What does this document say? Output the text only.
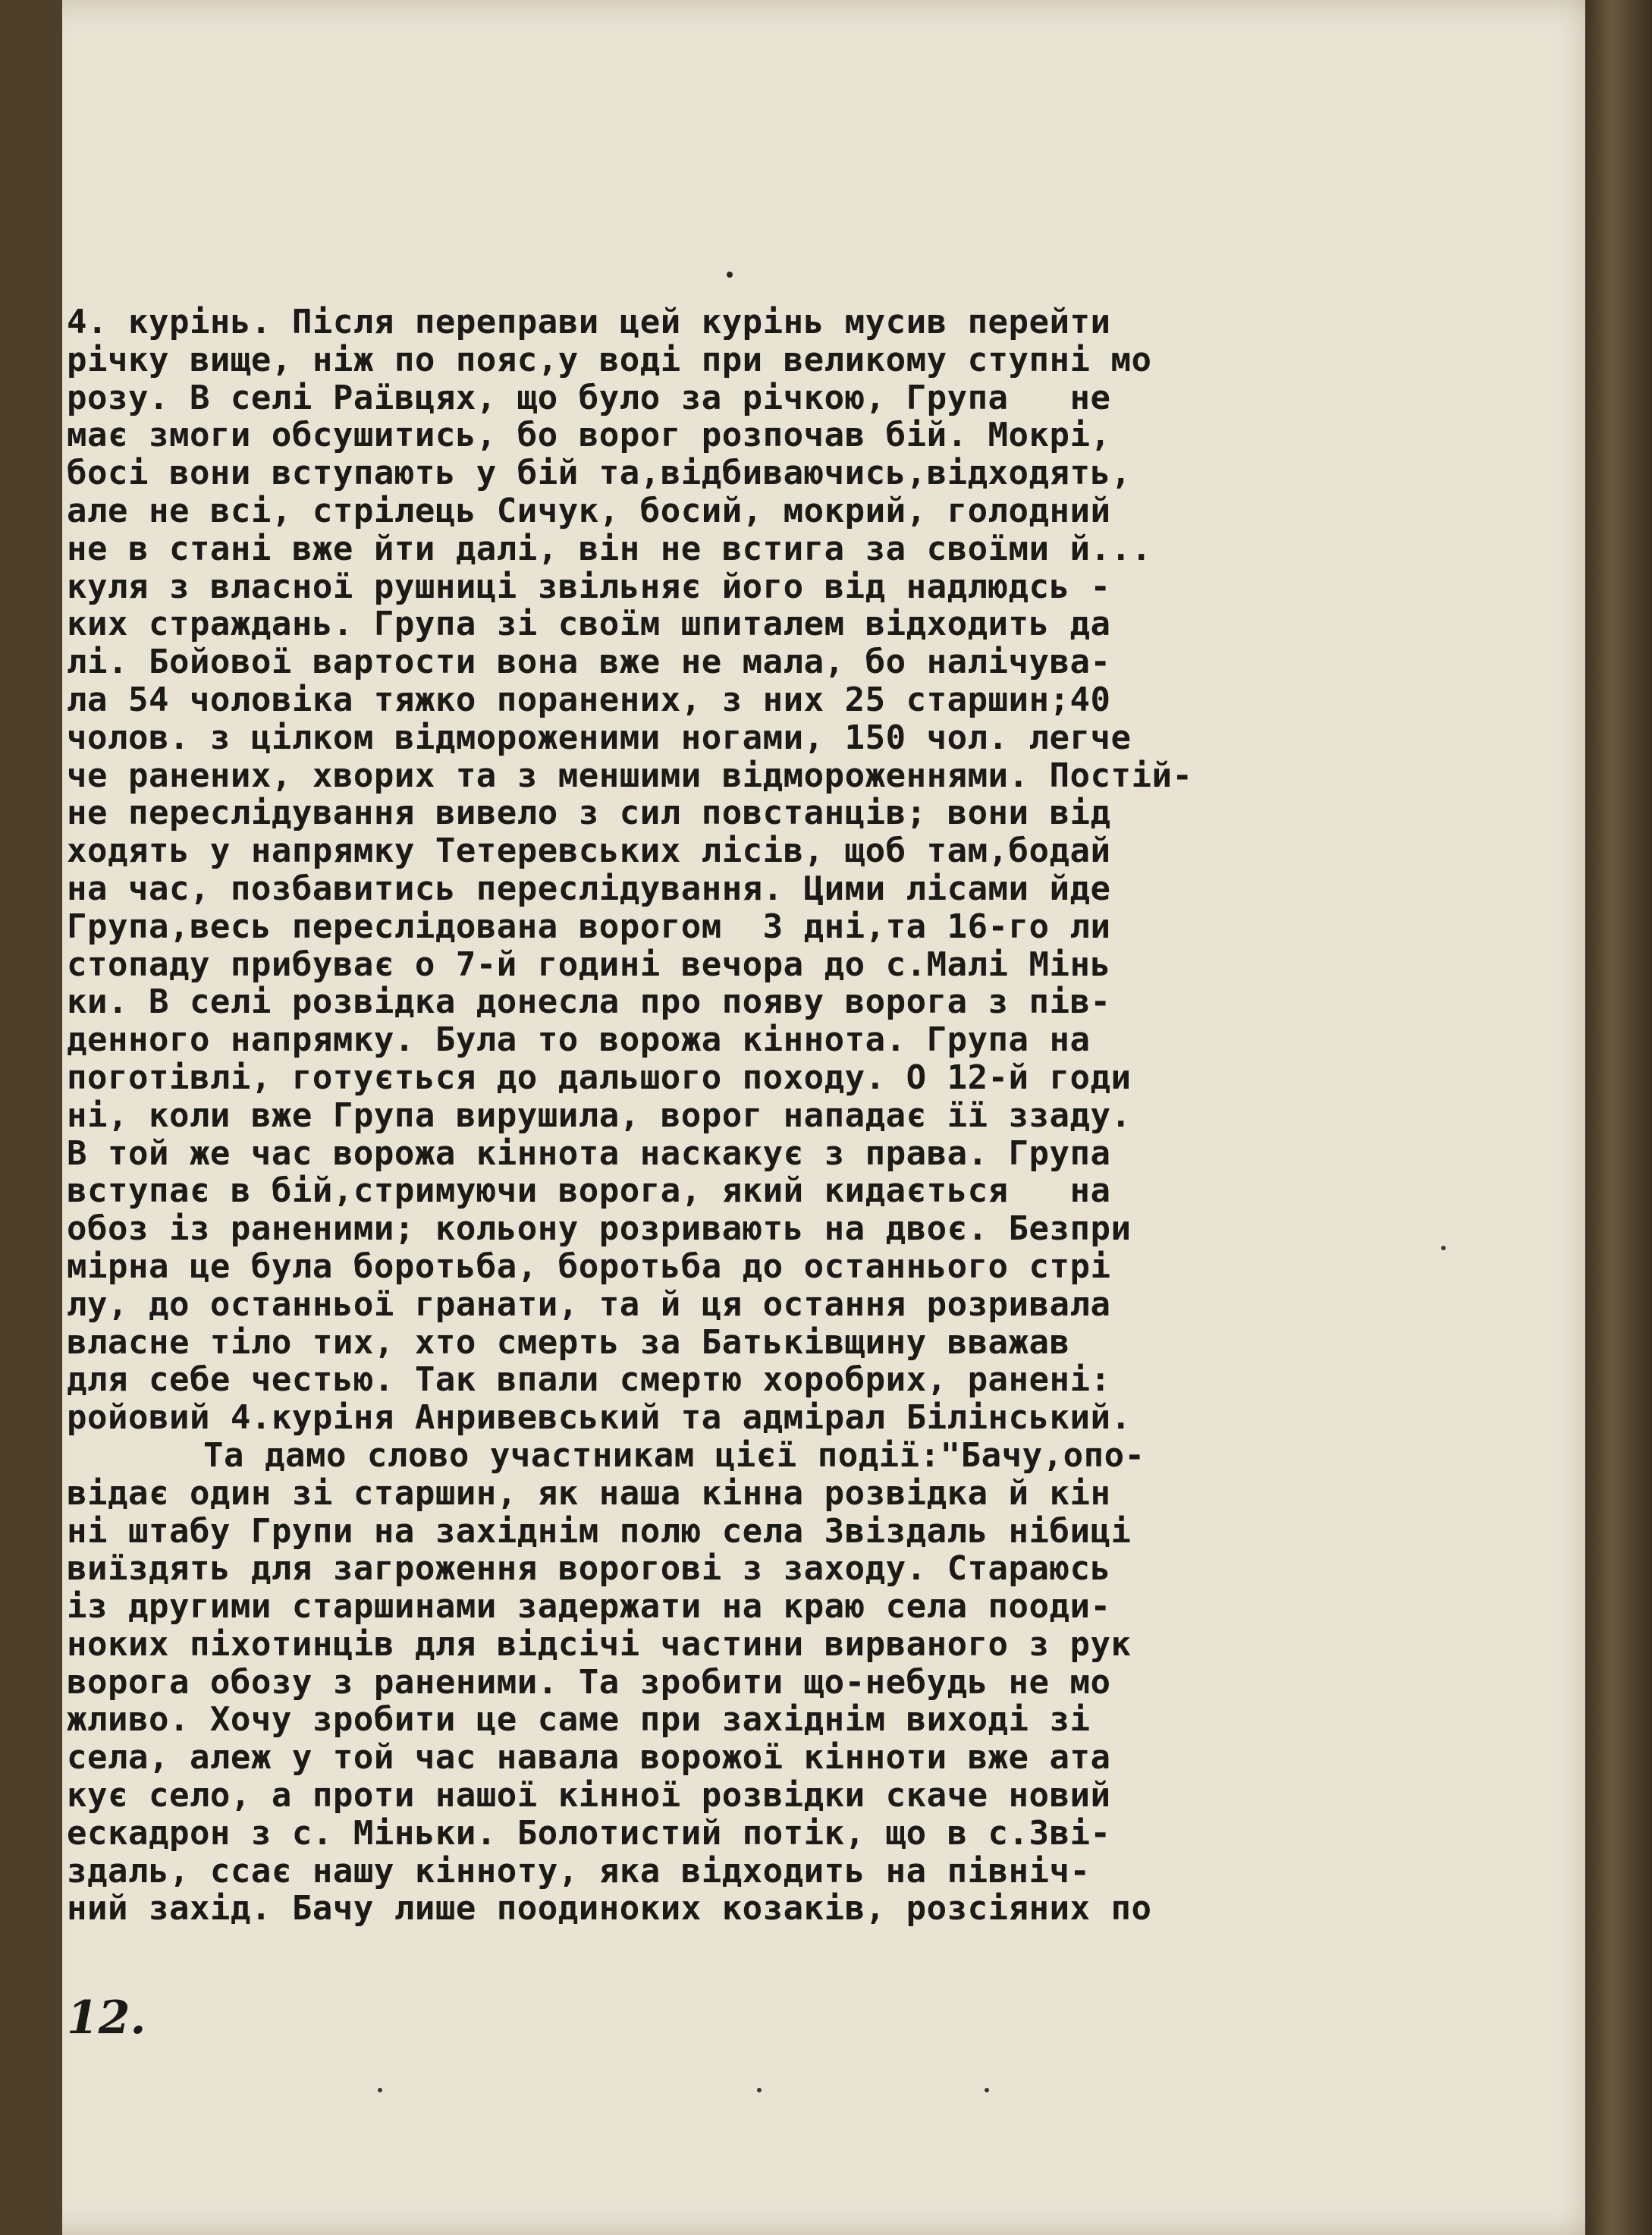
4. курінь. Після переправи цей курінь мусив перейти
річку вище, ніж по пояс,у воді при великому ступні мо
розу. В селі Раївцях, що було за річкою, Група   не
має змоги обсушитись, бо ворог розпочав бій. Мокрі,
босі вони вступають у бій та,відбиваючись,відходять,
але не всі, стрілець Сичук, босий, мокрий, голодний
не в стані вже йти далі, він не встига за своїми й...
куля з власної рушниці звільняє його від надлюдсь -
ких страждань. Група зі своїм шпиталем відходить да
лі. Бойової вартости вона вже не мала, бо налічува-
ла 54 чоловіка тяжко поранених, з них 25 старшин;40
чолов. з цілком відмороженими ногами, 150 чол. легче
че ранених, хворих та з меншими відмороженнями. Постій-
не переслідування вивело з сил повстанців; вони від
ходять у напрямку Тетеревських лісів, щоб там,бодай
на час, позбавитись переслідування. Цими лісами йде
Група,весь переслідована ворогом  3 дні,та 16-го ли
стопаду прибуває о 7-й годині вечора до с.Малі Мінь
ки. В селі розвідка донесла про появу ворога з пів-
денного напрямку. Була то ворожа кіннота. Група на
поготівлі, готується до дальшого походу. О 12-й годи
ні, коли вже Група вирушила, ворог нападає її ззаду.
В той же час ворожа кіннота наскакує з права. Група
вступає в бій,стримуючи ворога, який кидається   на
обоз із раненими; кольону розривають на двоє. Безпри
мірна це була боротьба, боротьба до останнього стрі
лу, до останньої гранати, та й ця остання розривала
власне тіло тих, хто смерть за Батьківщину вважав
для себе честью. Так впали смертю хоробрих, ранені:
ройовий 4.куріня Анривевський та адмірал Білінський.
Та дамо слово участникам цієї події:"Бачу,опо-
відає один зі старшин, як наша кінна розвідка й кін
ні штабу Групи на західнім полю села Звіздаль нібиці
виїздять для загроження ворогові з заходу. Стараюсь
із другими старшинами задержати на краю села пооди-
ноких піхотинців для відсічі частини вирваного з рук
ворога обозу з раненими. Та зробити що-небудь не мо
жливо. Хочу зробити це саме при західнім виході зі
села, алеж у той час навала ворожої кінноти вже ата
кує село, а проти нашої кінної розвідки скаче новий
ескадрон з с. Міньки. Болотистий потік, що в с.Зві-
здаль, ссає нашу кінноту, яка відходить на північ-
ний захід. Бачу лише поодиноких козаків, розсіяних по
12.
